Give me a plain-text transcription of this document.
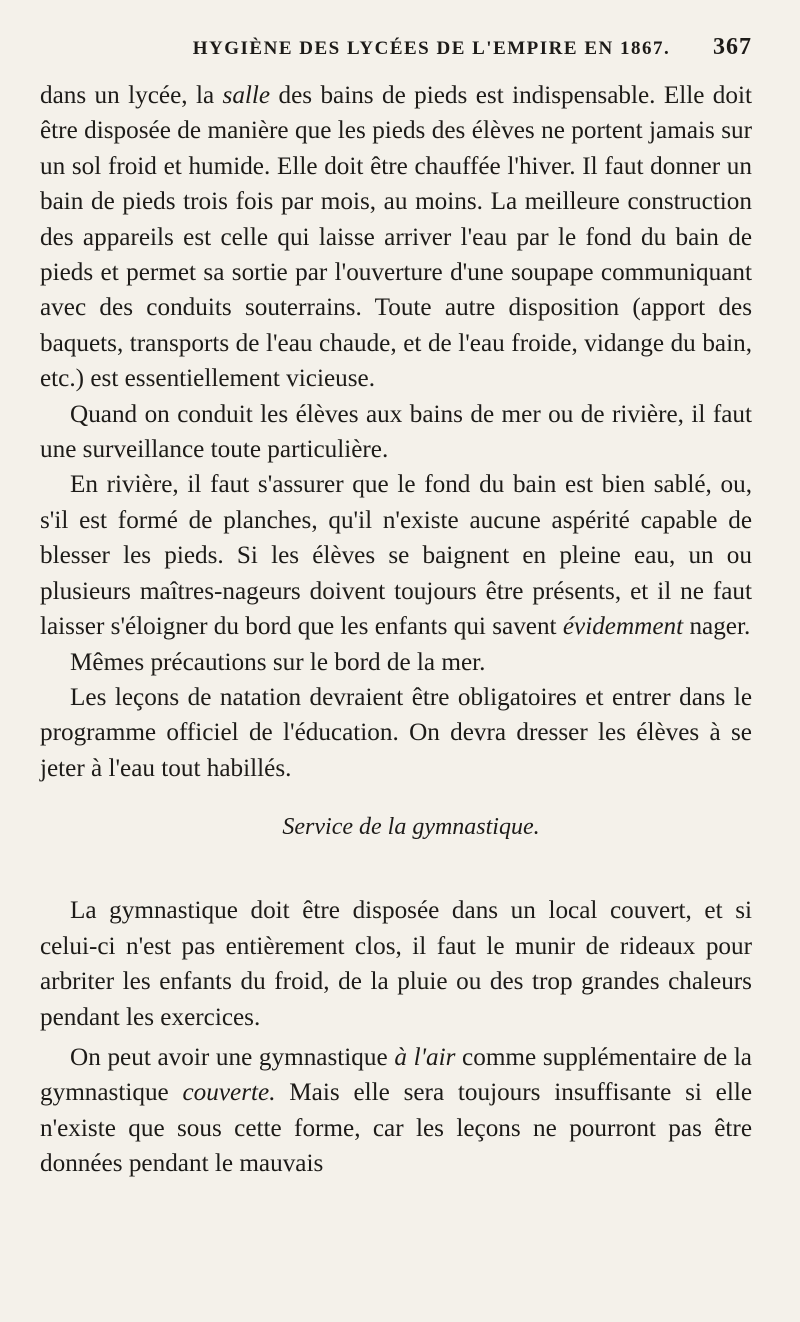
HYGIÈNE DES LYCÉES DE L'EMPIRE EN 1867.	367

dans un lycée, la salle des bains de pieds est indispensable. Elle doit être disposée de manière que les pieds des élèves ne portent jamais sur un sol froid et humide. Elle doit être chauffée l'hiver. Il faut donner un bain de pieds trois fois par mois, au moins. La meilleure construction des appareils est celle qui laisse arriver l'eau par le fond du bain de pieds et permet sa sortie par l'ouverture d'une soupape communiquant avec des conduits souterrains. Toute autre disposition (apport des baquets, transports de l'eau chaude, et de l'eau froide, vidange du bain, etc.) est essentiellement vicieuse.

Quand on conduit les élèves aux bains de mer ou de rivière, il faut une surveillance toute particulière.

En rivière, il faut s'assurer que le fond du bain est bien sablé, ou, s'il est formé de planches, qu'il n'existe aucune aspérité capable de blesser les pieds. Si les élèves se baignent en pleine eau, un ou plusieurs maîtres-nageurs doivent toujours être présents, et il ne faut laisser s'éloigner du bord que les enfants qui savent évidemment nager.

Mêmes précautions sur le bord de la mer.

Les leçons de natation devraient être obligatoires et entrer dans le programme officiel de l'éducation. On devra dresser les élèves à se jeter à l'eau tout habillés.

Service de la gymnastique.

La gymnastique doit être disposée dans un local couvert, et si celui-ci n'est pas entièrement clos, il faut le munir de rideaux pour arbriter les enfants du froid, de la pluie ou des trop grandes chaleurs pendant les exercices.

On peut avoir une gymnastique à l'air comme supplémentaire de la gymnastique couverte. Mais elle sera toujours insuffisante si elle n'existe que sous cette forme, car les leçons ne pourront pas être données pendant le mauvais
